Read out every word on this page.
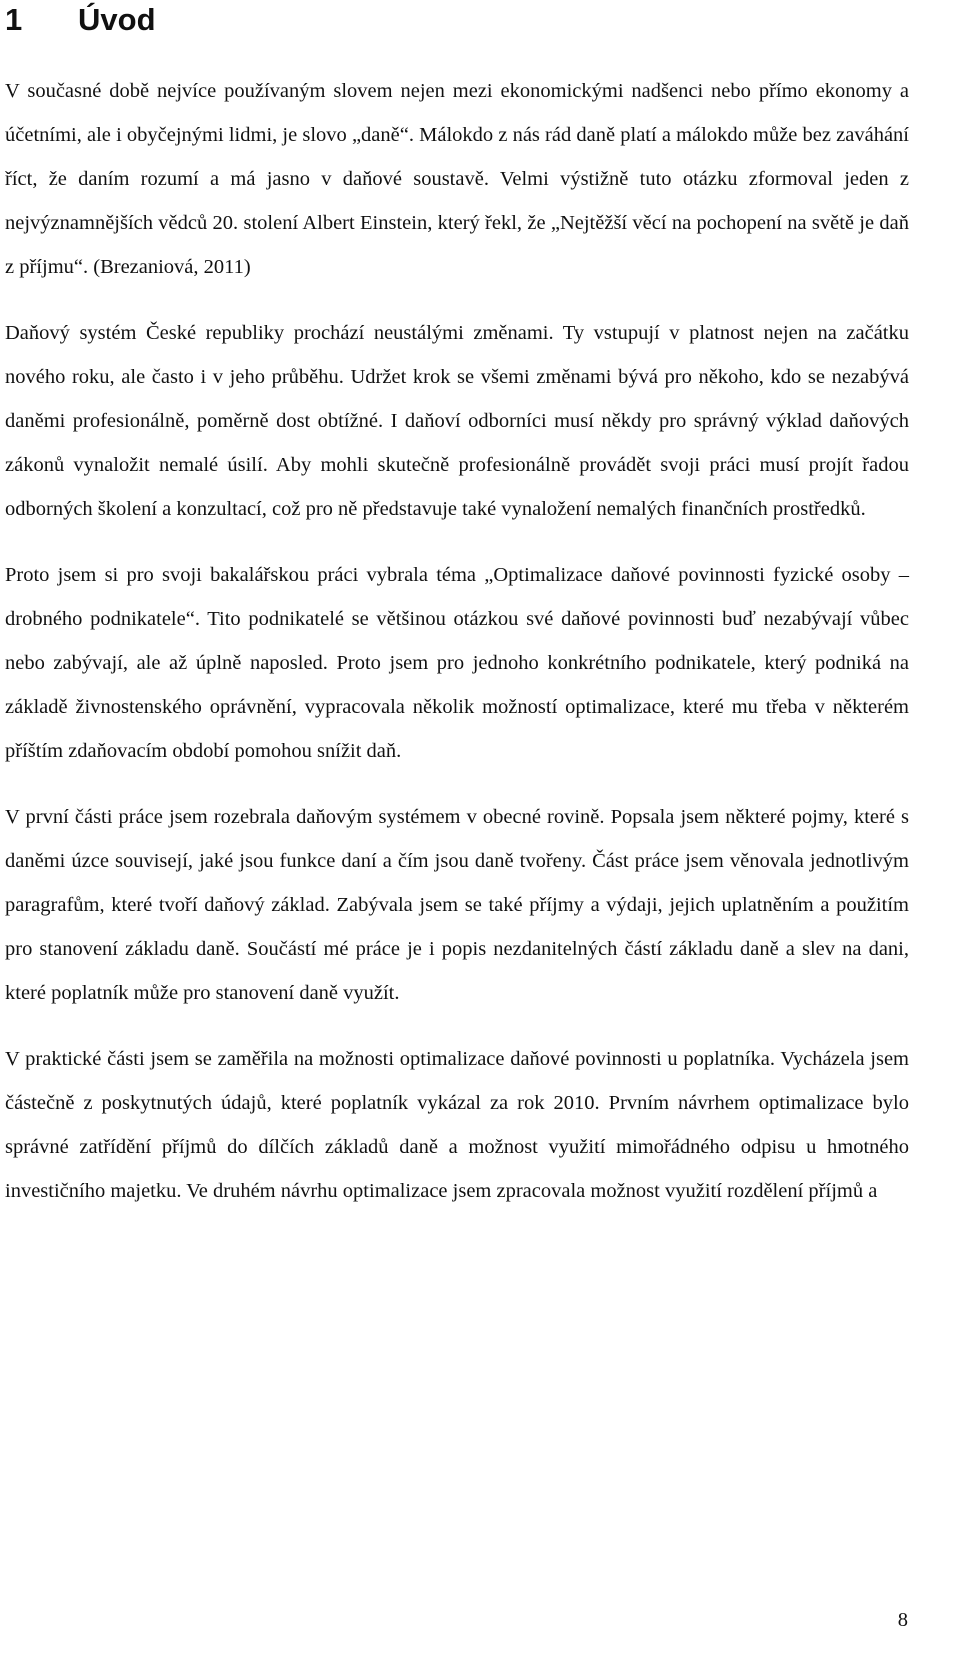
1 Úvod

V současné době nejvíce používaným slovem nejen mezi ekonomickými nadšenci nebo přímo ekonomy a účetními, ale i obyčejnými lidmi, je slovo „daně“. Málokdo z nás rád daně platí a málokdo může bez zaváhání říct, že daním rozumí a má jasno v daňové soustavě. Velmi výstižně tuto otázku zformoval jeden z nejvýznamnějších vědců 20. stolení Albert Einstein, který řekl, že „Nejtěžší věcí na pochopení na světě je daň z příjmu“. (Brezaniová, 2011)

Daňový systém České republiky prochází neustálými změnami. Ty vstupují v platnost nejen na začátku nového roku, ale často i v jeho průběhu. Udržet krok se všemi změnami bývá pro někoho, kdo se nezabývá daněmi profesionálně, poměrně dost obtížné. I daňoví odborníci musí někdy pro správný výklad daňových zákonů vynaložit nemalé úsilí. Aby mohli skutečně profesionálně provádět svoji práci musí projít řadou odborných školení a konzultací, což pro ně představuje také vynaložení nemalých finančních prostředků.

Proto jsem si pro svoji bakalářskou práci vybrala téma „Optimalizace daňové povinnosti fyzické osoby – drobného podnikatele“. Tito podnikatelé se většinou otázkou své daňové povinnosti buď nezabývají vůbec nebo zabývají, ale až úplně naposled. Proto jsem pro jednoho konkrétního podnikatele, který podniká na základě živnostenského oprávnění, vypracovala několik možností optimalizace, které mu třeba v některém příštím zdaňovacím období pomohou snížit daň.

V první části práce jsem rozebrala daňovým systémem v obecné rovině. Popsala jsem některé pojmy, které s daněmi úzce souvisejí, jaké jsou funkce daní a čím jsou daně tvořeny. Část práce jsem věnovala jednotlivým paragrafům, které tvoří daňový základ. Zabývala jsem se také příjmy a výdaji, jejich uplatněním a použitím pro stanovení základu daně. Součástí mé práce je i popis nezdanitelných částí základu daně a slev na dani, které poplatník může pro stanovení daně využít.

V praktické části jsem se zaměřila na možnosti optimalizace daňové povinnosti u poplatníka. Vycházela jsem částečně z poskytnutých údajů, které poplatník vykázal za rok 2010. Prvním návrhem optimalizace bylo správné zatřídění příjmů do dílčích základů daně a možnost využití mimořádného odpisu u hmotného investičního majetku. Ve druhém návrhu optimalizace jsem zpracovala možnost využití rozdělení příjmů a

8
